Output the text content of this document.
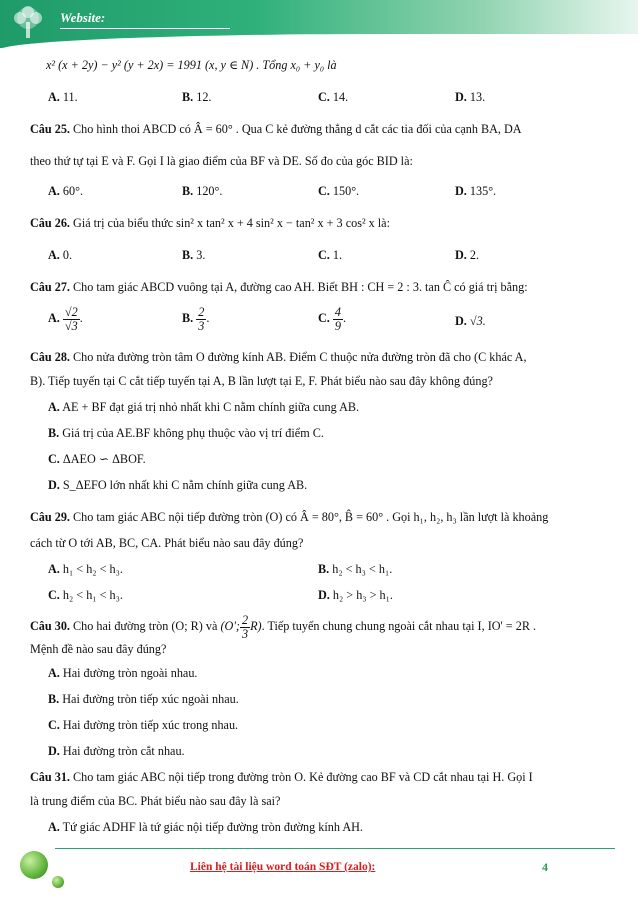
Website:
x² (x + 2y) − y² (y + 2x) = 1991 (x, y ∈ N) . Tổng x₀ + y₀ là
A. 11.	B. 12.	C. 14.	D. 13.
Câu 25. Cho hình thoi ABCD có Â = 60° . Qua C kẻ đường thẳng d cắt các tia đối của cạnh BA, DA
theo thứ tự tại E và F. Gọi I là giao điểm của BF và DE. Số đo của góc BID là:
A. 60°.	B. 120°.	C. 150°.	D. 135°.
Câu 26. Giá trị của biểu thức sin² x tan² x + 4 sin² x − tan² x + 3 cos² x là:
A. 0.	B. 3.	C. 1.	D. 2.
Câu 27. Cho tam giác ABCD vuông tại A, đường cao AH. Biết BH : CH = 2 : 3. tan Ĉ có giá trị bằng:
A. $\frac{√2}{√3}$ .	B. $\frac{2}{3}$ .	C. $\frac{4}{9}$ .	D. √3.
Câu 28. Cho nửa đường tròn tâm O đường kính AB. Điểm C thuộc nửa đường tròn đã cho (C khác A,
B). Tiếp tuyến tại C cắt tiếp tuyến tại A, B lần lượt tại E, F. Phát biểu nào sau đây không đúng?
A. AE + BF đạt giá trị nhỏ nhất khi C nằm chính giữa cung AB.
B. Giá trị của AE.BF không phụ thuộc vào vị trí điểm C.
C. ΔAEO ∽ ΔBOF.
D. S_ΔEFO lớn nhất khi C nằm chính giữa cung AB.
Câu 29. Cho tam giác ABC nội tiếp đường tròn (O) có Â = 80°, B̂ = 60° . Gọi h₁, h₂, h₃ lần lượt là khoảng
cách từ O tới AB, BC, CA. Phát biểu nào sau đây đúng?
A. h₁ < h₂ < h₃.	B. h₂ < h₃ < h₁.
C. h₂ < h₁ < h₃.	D. h₂ > h₃ > h₁.
Câu 30. Cho hai đường tròn (O; R) và (O'; $\frac{2}{3} R$). Tiếp tuyến chung chung ngoài cắt nhau tại I, IO' = 2R .
Mệnh đề nào sau đây đúng?
A. Hai đường tròn ngoài nhau.
B. Hai đường tròn tiếp xúc ngoài nhau.
C. Hai đường tròn tiếp xúc trong nhau.
D. Hai đường tròn cắt nhau.
Câu 31. Cho tam giác ABC nội tiếp trong đường tròn O. Kẻ đường cao BF và CD cắt nhau tại H. Gọi I
là trung điểm của BC. Phát biểu nào sau đây là sai?
A. Tứ giác ADHF là tứ giác nội tiếp đường tròn đường kính AH.
Liên hệ tài liệu word toán SĐT (zalo):	4
